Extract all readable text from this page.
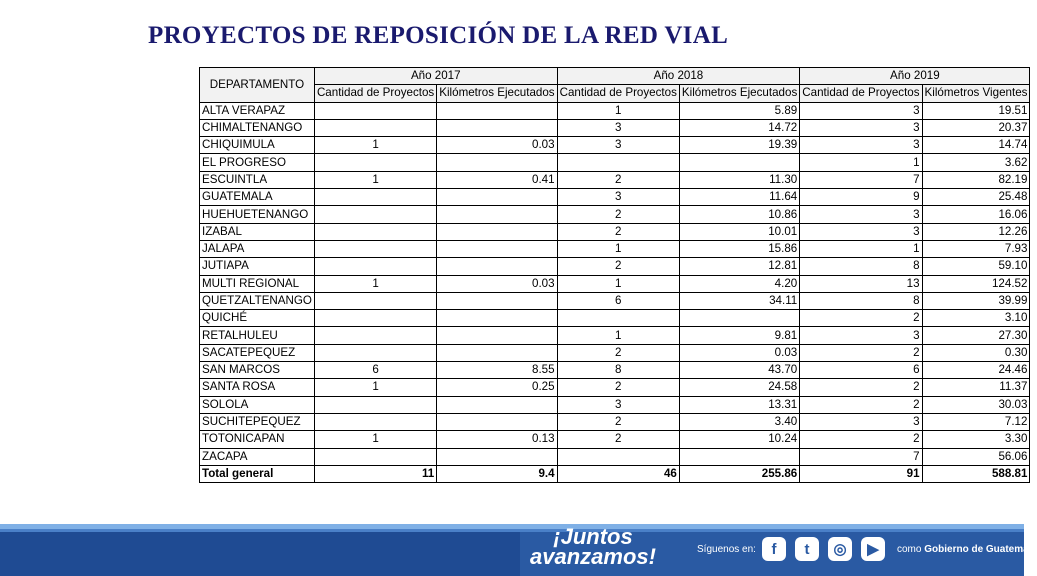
PROYECTOS DE REPOSICIÓN DE LA RED VIAL
DEPARTAMENTO	Año 2017		Año 2018		Año 2019	
	Cantidad de Proyectos	Kilómetros Ejecutados	Cantidad de Proyectos	Kilómetros Ejecutados	Cantidad de Proyectos	Kilómetros Vigentes
ALTA VERAPAZ			1	5.89	3	19.51
CHIMALTENANGO			3	14.72	3	20.37
CHIQUIMULA	1	0.03	3	19.39	3	14.74
EL PROGRESO					1	3.62
ESCUINTLA	1	0.41	2	11.30	7	82.19
GUATEMALA			3	11.64	9	25.48
HUEHUETENANGO			2	10.86	3	16.06
IZABAL			2	10.01	3	12.26
JALAPA			1	15.86	1	7.93
JUTIAPA			2	12.81	8	59.10
MULTI REGIONAL	1	0.03	1	4.20	13	124.52
QUETZALTENANGO			6	34.11	8	39.99
QUICHÉ					2	3.10
RETALHULEU			1	9.81	3	27.30
SACATEPEQUEZ			2	0.03	2	0.30
SAN MARCOS	6	8.55	8	43.70	6	24.46
SANTA ROSA	1	0.25	2	24.58	2	11.37
SOLOLA			3	13.31	2	30.03
SUCHITEPEQUEZ			2	3.40	3	7.12
TOTONICAPAN	1	0.13	2	10.24	2	3.30
ZACAPA					7	56.06
Total general	11	9.4	46	255.86	91	588.81
¡Juntos
avanzamos!	Síguenos en:	f	t	◎	▶	como Gobierno de Guatemala
